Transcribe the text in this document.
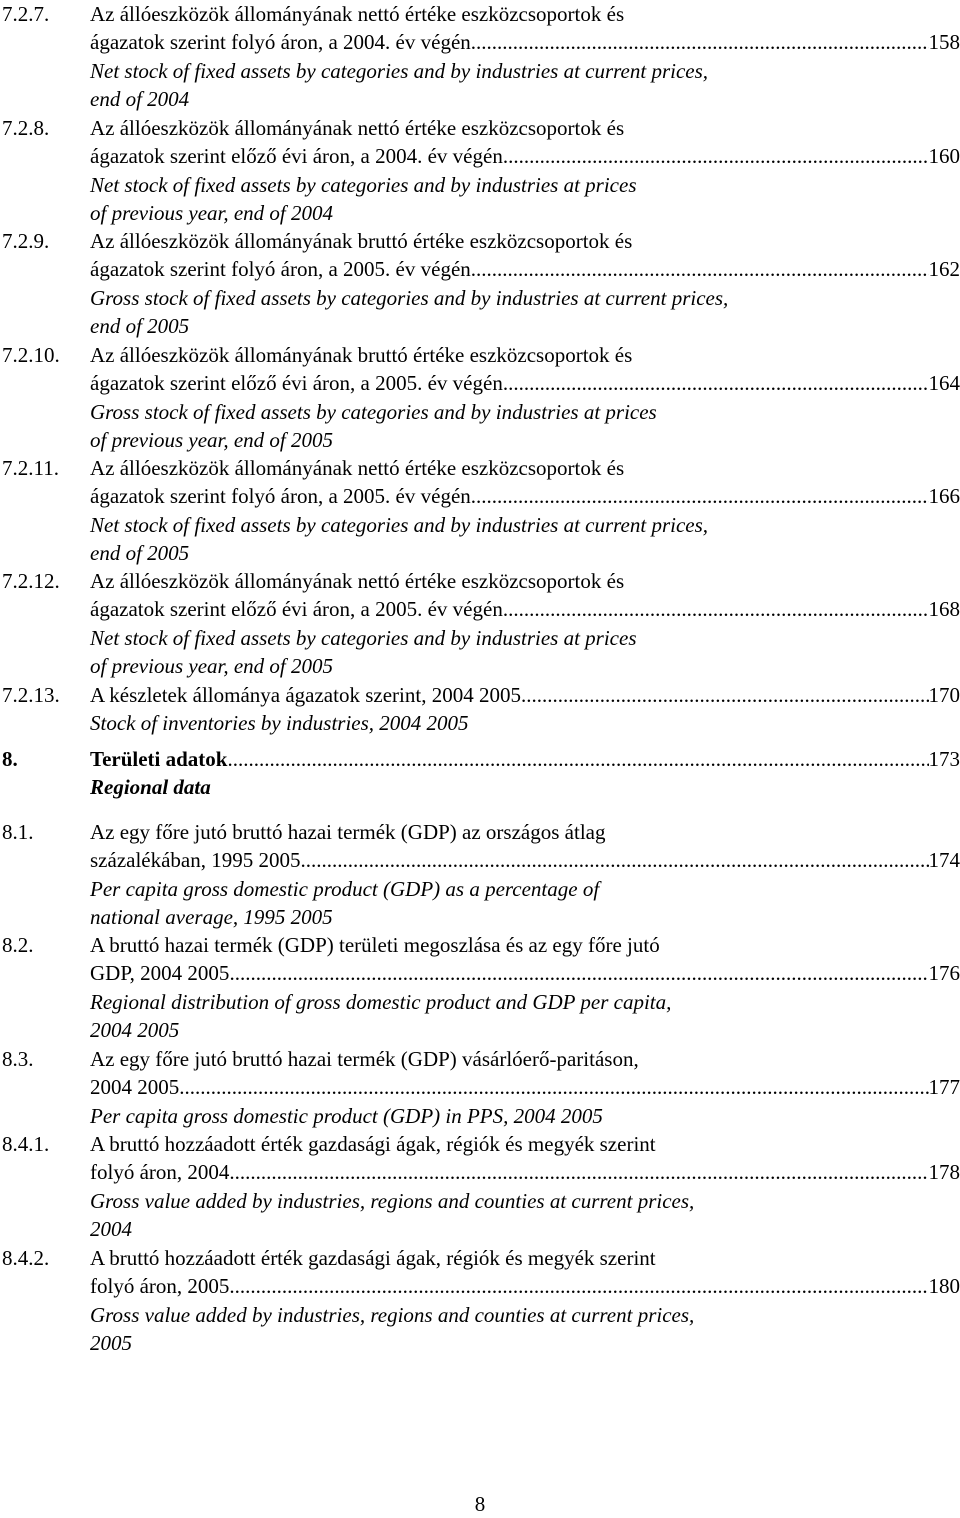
7.2.7. Az állóeszközök állományának nettó értéke eszközcsoportok és
ágazatok szerint folyó áron, a 2004. év végén .....	158
Net stock of fixed assets by categories and by industries at current prices,
end of 2004
7.2.8. Az állóeszközök állományának nettó értéke eszközcsoportok és
ágazatok szerint előző évi áron, a 2004. év végén .....	160
Net stock of fixed assets by categories and by industries at prices
of previous year, end of 2004
7.2.9. Az állóeszközök állományának bruttó értéke eszközcsoportok és
ágazatok szerint folyó áron, a 2005. év végén .....	162
Gross stock of fixed assets by categories and by industries at current prices,
end of 2005
7.2.10. Az állóeszközök állományának bruttó értéke eszközcsoportok és
ágazatok szerint előző évi áron, a 2005. év végén .....	164
Gross stock of fixed assets by categories and by industries at prices
of previous year, end of 2005
7.2.11. Az állóeszközök állományának nettó értéke eszközcsoportok és
ágazatok szerint folyó áron, a 2005. év végén .....	166
Net stock of fixed assets by categories and by industries at current prices,
end of 2005
7.2.12. Az állóeszközök állományának nettó értéke eszközcsoportok és
ágazatok szerint előző évi áron, a 2005. év végén .....	168
Net stock of fixed assets by categories and by industries at prices
of previous year, end of 2005
7.2.13. A készletek állománya ágazatok szerint, 2004 2005 .....	170
Stock of inventories by industries, 2004 2005
8.	Területi adatok .....	173
Regional data
8.1.	Az egy főre jutó bruttó hazai termék (GDP) az országos átlag
százalékában, 1995 2005 .....	174
Per capita gross domestic product (GDP) as a percentage of
national average, 1995 2005
8.2.	A bruttó hazai termék (GDP) területi megoszlása és az egy főre jutó
GDP, 2004 2005 .....	176
Regional distribution of gross domestic product and GDP per capita,
2004 2005
8.3.	Az egy főre jutó bruttó hazai termék (GDP) vásárlóerő-paritáson,
2004 2005 .....	177
Per capita gross domestic product (GDP) in PPS, 2004 2005
8.4.1. A bruttó hozzáadott érték gazdasági ágak, régiók és megyék szerint
folyó áron, 2004 .....	178
Gross value added by industries, regions and counties at current prices,
2004
8.4.2. A bruttó hozzáadott érték gazdasági ágak, régiók és megyék szerint
folyó áron, 2005 .....	180
Gross value added by industries, regions and counties at current prices,
2005
8
